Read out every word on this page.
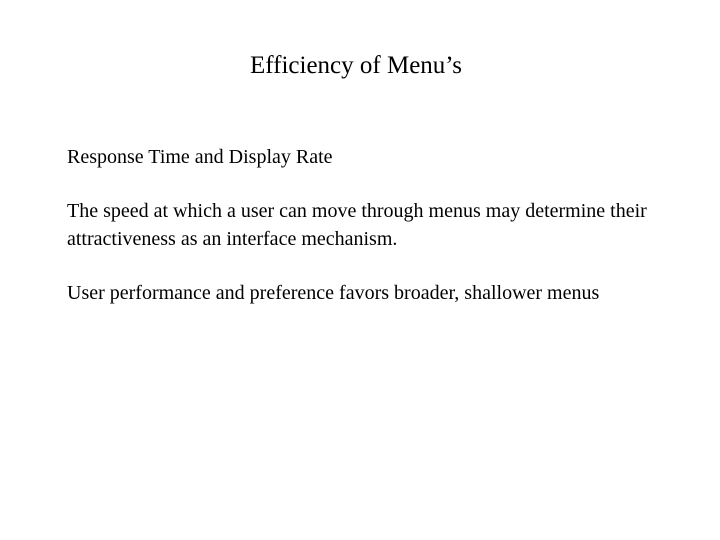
Efficiency of Menu’s

Response Time and Display Rate

The speed at which a user can move through menus may determine their attractiveness as an interface mechanism.

User performance and preference favors broader, shallower menus
